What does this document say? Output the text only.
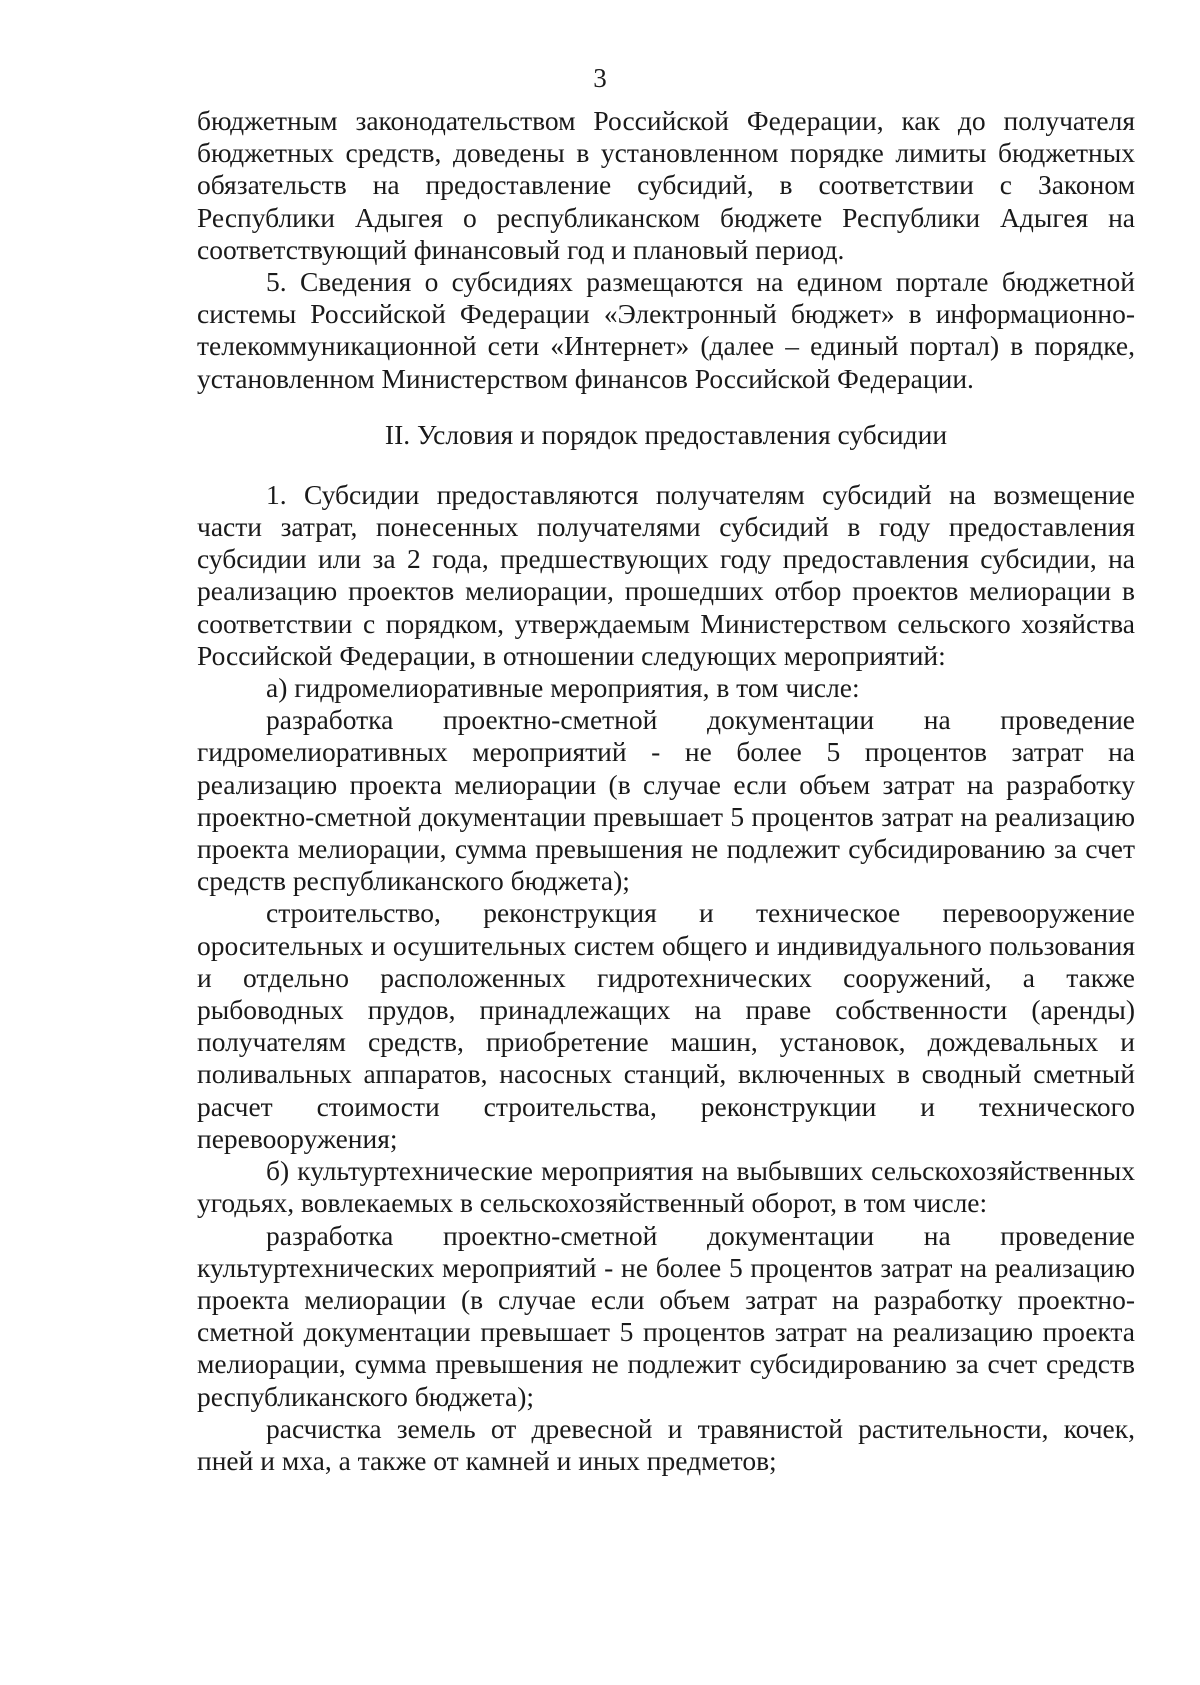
3

бюджетным законодательством Российской Федерации, как до получателя бюджетных средств, доведены в установленном порядке лимиты бюджетных обязательств на предоставление субсидий, в соответствии с Законом Республики Адыгея о республиканском бюджете Республики Адыгея на соответствующий финансовый год и плановый период.

5. Сведения о субсидиях размещаются на едином портале бюджетной системы Российской Федерации «Электронный бюджет» в информационно-телекоммуникационной сети «Интернет» (далее – единый портал) в порядке, установленном Министерством финансов Российской Федерации.

II. Условия и порядок предоставления субсидии

1. Субсидии предоставляются получателям субсидий на возмещение части затрат, понесенных получателями субсидий в году предоставления субсидии или за 2 года, предшествующих году предоставления субсидии, на реализацию проектов мелиорации, прошедших отбор проектов мелиорации в соответствии с порядком, утверждаемым Министерством сельского хозяйства Российской Федерации, в отношении следующих мероприятий:

а) гидромелиоративные мероприятия, в том числе:

разработка проектно-сметной документации на проведение гидромелиоративных мероприятий - не более 5 процентов затрат на реализацию проекта мелиорации (в случае если объем затрат на разработку проектно-сметной документации превышает 5 процентов затрат на реализацию проекта мелиорации, сумма превышения не подлежит субсидированию за счет средств республиканского бюджета);

строительство, реконструкция и техническое перевооружение оросительных и осушительных систем общего и индивидуального пользования и отдельно расположенных гидротехнических сооружений, а также рыбоводных прудов, принадлежащих на праве собственности (аренды) получателям средств, приобретение машин, установок, дождевальных и поливальных аппаратов, насосных станций, включенных в сводный сметный расчет стоимости строительства, реконструкции и технического перевооружения;

б) культуртехнические мероприятия на выбывших сельскохозяйственных угодьях, вовлекаемых в сельскохозяйственный оборот, в том числе:

разработка проектно-сметной документации на проведение культуртехнических мероприятий - не более 5 процентов затрат на реализацию проекта мелиорации (в случае если объем затрат на разработку проектно-сметной документации превышает 5 процентов затрат на реализацию проекта мелиорации, сумма превышения не подлежит субсидированию за счет средств республиканского бюджета);

расчистка земель от древесной и травянистой растительности, кочек, пней и мха, а также от камней и иных предметов;
